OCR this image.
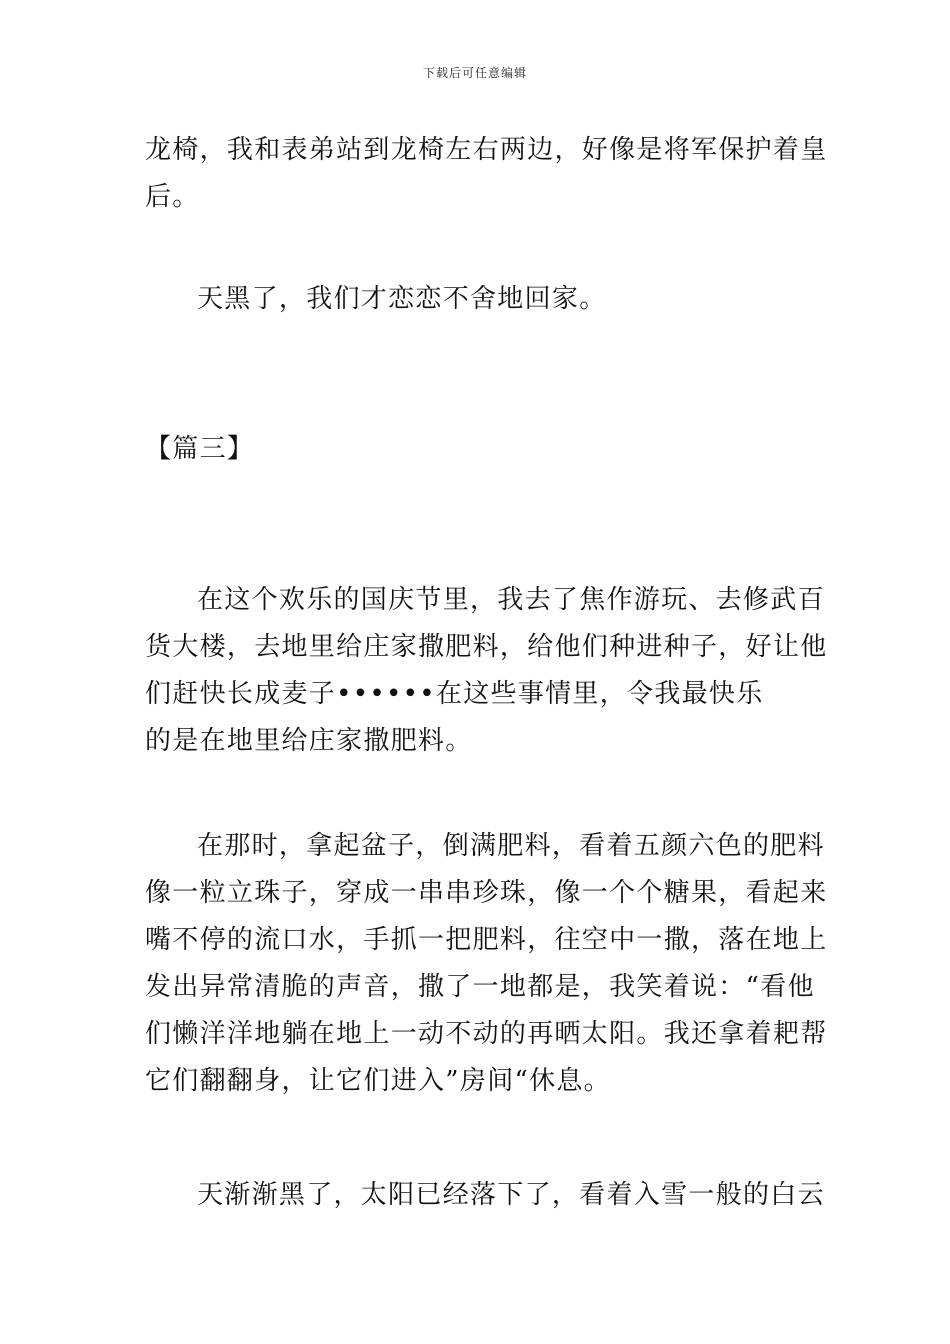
下载后可任意编辑
龙椅，我和表弟站到龙椅左右两边，好像是将军保护着皇
后。
天黑了，我们才恋恋不舍地回家。
【篇三】
在这个欢乐的国庆节里，我去了焦作游玩、去修武百
货大楼，去地里给庄家撒肥料，给他们种进种子，好让他
们赶快长成麦子••••••在这些事情里，令我最快乐
的是在地里给庄家撒肥料。
在那时，拿起盆子，倒满肥料，看着五颜六色的肥料
像一粒立珠子，穿成一串串珍珠，像一个个糖果，看起来
嘴不停的流口水，手抓一把肥料，往空中一撒，落在地上
发出异常清脆的声音，撒了一地都是，我笑着说：“看他
们懒洋洋地躺在地上一动不动的再晒太阳。我还拿着耙帮
它们翻翻身，让它们进入”房间“休息。
天渐渐黑了，太阳已经落下了，看着入雪一般的白云
